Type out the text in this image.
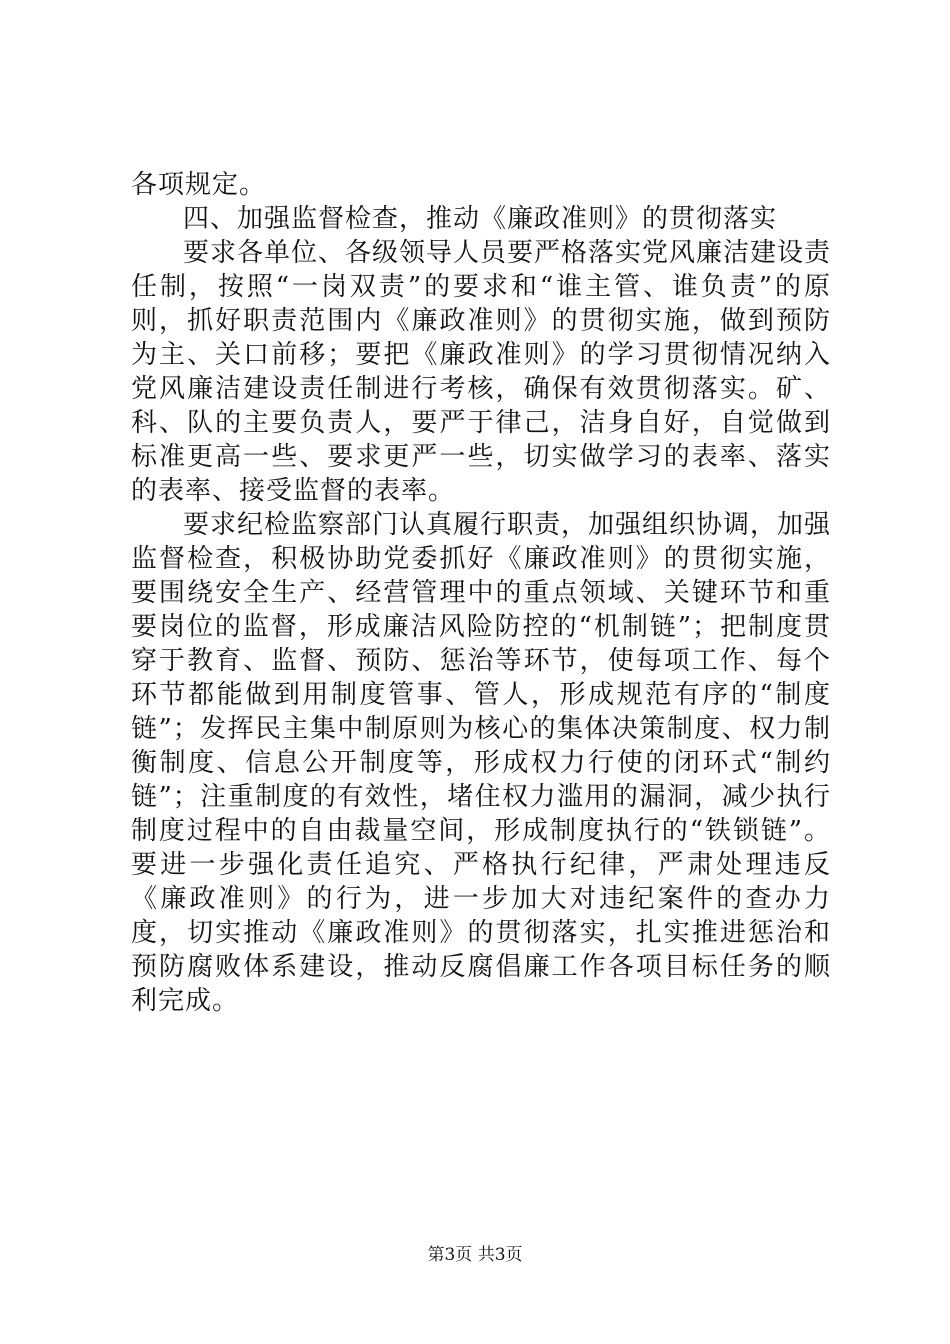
各项规定。

四、加强监督检查，推动《廉政准则》的贯彻落实

要求各单位、各级领导人员要严格落实党风廉洁建设责任制，按照“一岗双责”的要求和“谁主管、谁负责”的原则，抓好职责范围内《廉政准则》的贯彻实施，做到预防为主、关口前移；要把《廉政准则》的学习贯彻情况纳入党风廉洁建设责任制进行考核，确保有效贯彻落实。矿、科、队的主要负责人，要严于律己，洁身自好，自觉做到标准更高一些、要求更严一些，切实做学习的表率、落实的表率、接受监督的表率。

要求纪检监察部门认真履行职责，加强组织协调，加强监督检查，积极协助党委抓好《廉政准则》的贯彻实施，要围绕安全生产、经营管理中的重点领域、关键环节和重要岗位的监督，形成廉洁风险防控的“机制链”；把制度贯穿于教育、监督、预防、惩治等环节，使每项工作、每个环节都能做到用制度管事、管人，形成规范有序的“制度链”；发挥民主集中制原则为核心的集体决策制度、权力制衡制度、信息公开制度等，形成权力行使的闭环式“制约链”；注重制度的有效性，堵住权力滥用的漏洞，减少执行制度过程中的自由裁量空间，形成制度执行的“铁锁链”。要进一步强化责任追究、严格执行纪律，严肃处理违反《廉政准则》的行为，进一步加大对违纪案件的查办力度，切实推动《廉政准则》的贯彻落实，扎实推进惩治和预防腐败体系建设，推动反腐倡廉工作各项目标任务的顺利完成。

第3页 共3页
